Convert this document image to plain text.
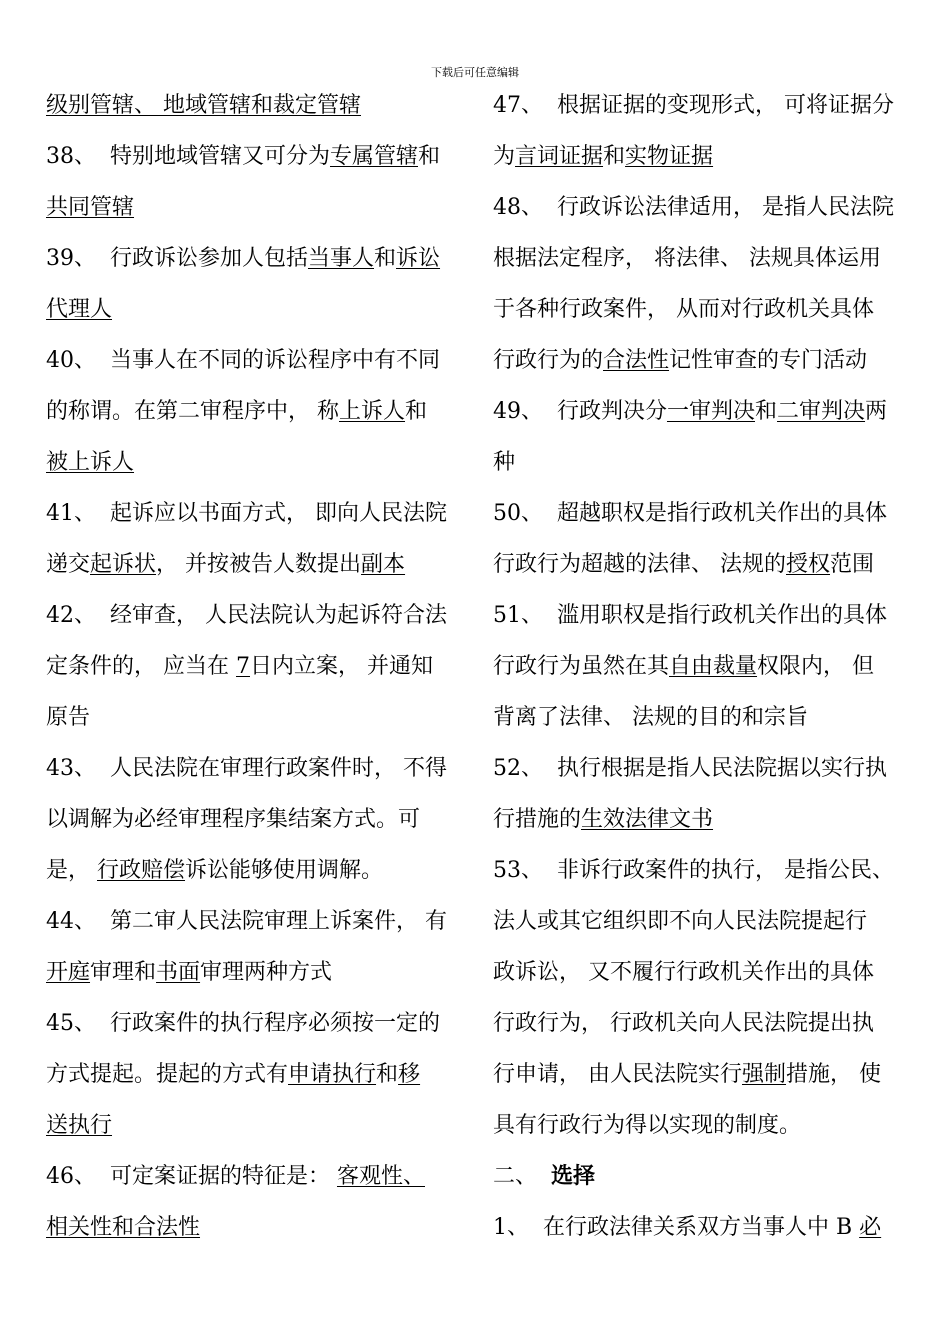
下载后可任意编辑
级别管辖、 地域管辖和裁定管辖
38、  特别地域管辖又可分为专属管辖和
共同管辖
39、  行政诉讼参加人包括当事人和诉讼
代理人
40、  当事人在不同的诉讼程序中有不同
的称谓。在第二审程序中， 称上诉人和
被上诉人
41、  起诉应以书面方式， 即向人民法院
递交起诉状， 并按被告人数提出副本
42、  经审查， 人民法院认为起诉符合法
定条件的， 应当在 7日内立案， 并通知
原告
43、  人民法院在审理行政案件时， 不得
以调解为必经审理程序集结案方式。可
是， 行政赔偿诉讼能够使用调解。
44、  第二审人民法院审理上诉案件， 有
开庭审理和书面审理两种方式
45、  行政案件的执行程序必须按一定的
方式提起。提起的方式有申请执行和移
送执行
46、  可定案证据的特征是： 客观性、
相关性和合法性
47、  根据证据的变现形式， 可将证据分
为言词证据和实物证据
48、  行政诉讼法律适用， 是指人民法院
根据法定程序， 将法律、 法规具体运用
于各种行政案件， 从而对行政机关具体
行政行为的合法性记性审查的专门活动
49、  行政判决分一审判决和二审判决两
种
50、  超越职权是指行政机关作出的具体
行政行为超越的法律、 法规的授权范围
51、  滥用职权是指行政机关作出的具体
行政行为虽然在其自由裁量权限内， 但
背离了法律、 法规的目的和宗旨
52、  执行根据是指人民法院据以实行执
行措施的生效法律文书
53、  非诉行政案件的执行， 是指公民、
法人或其它组织即不向人民法院提起行
政诉讼， 又不履行行政机关作出的具体
行政行为， 行政机关向人民法院提出执
行申请， 由人民法院实行强制措施， 使
具有行政行为得以实现的制度。
二、  选择
1、  在行政法律关系双方当事人中 B 必
